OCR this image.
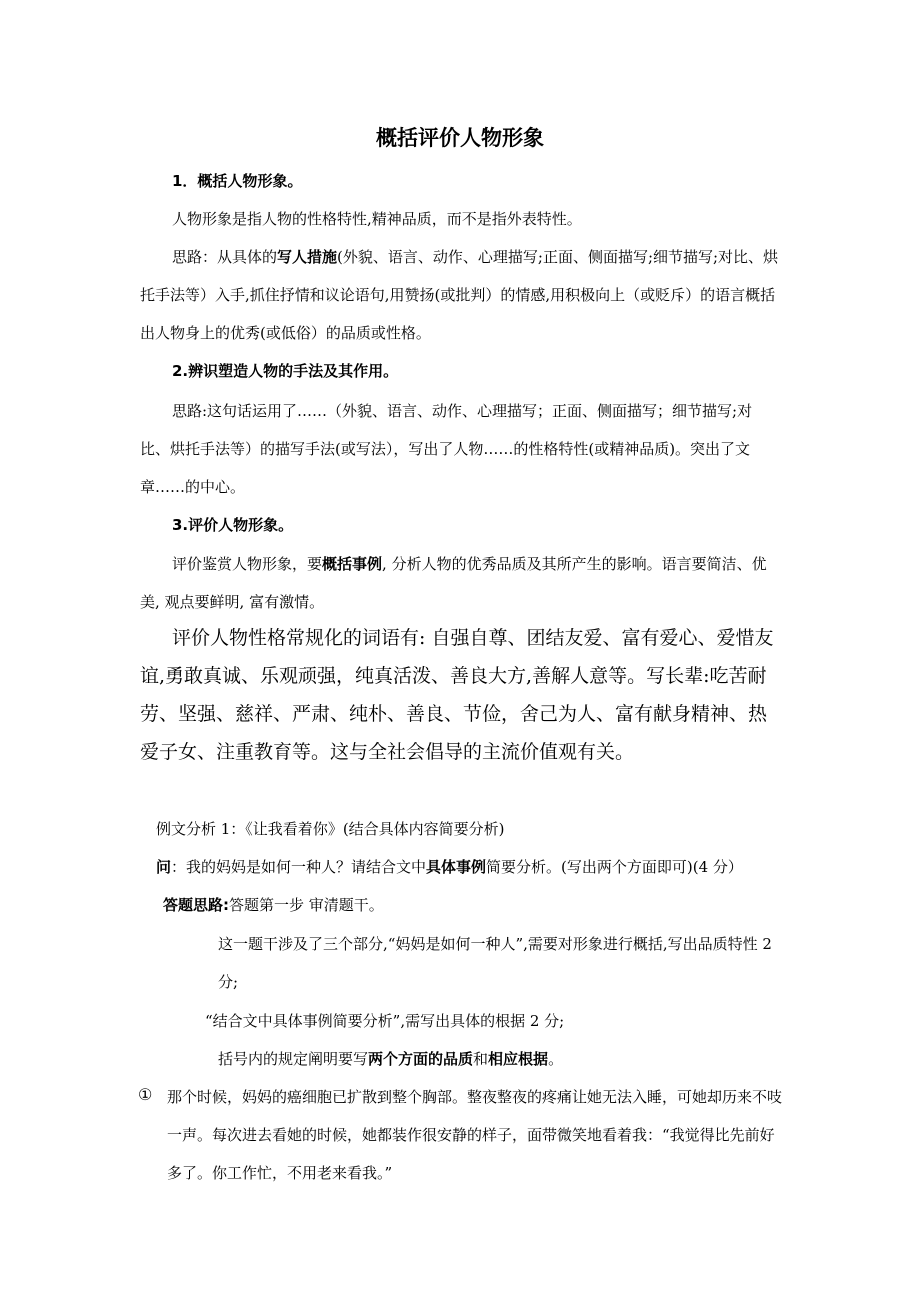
概括评价人物形象
1．概括人物形象。
人物形象是指人物的性格特性,精神品质，而不是指外表特性。
思路：从具体的写人措施(外貌、语言、动作、心理描写;正面、侧面描写;细节描写;对比、烘托手法等）入手,抓住抒情和议论语句,用赞扬(或批判）的情感,用积极向上（或贬斥）的语言概括出人物身上的优秀(或低俗）的品质或性格。
2.辨识塑造人物的手法及其作用。
思路:这句话运用了……（外貌、语言、动作、心理描写；正面、侧面描写；细节描写;对比、烘托手法等）的描写手法(或写法），写出了人物……的性格特性(或精神品质)。突出了文章……的中心。
3.评价人物形象。
评价鉴赏人物形象，要概括事例, 分析人物的优秀品质及其所产生的影响。语言要简洁、优美, 观点要鲜明, 富有激情。
评价人物性格常规化的词语有: 自强自尊、团结友爱、富有爱心、爱惜友谊,勇敢真诚、乐观顽强，纯真活泼、善良大方,善解人意等。写长辈:吃苦耐劳、坚强、慈祥、严肃、纯朴、善良、节俭，舍己为人、富有献身精神、热爱子女、注重教育等。这与全社会倡导的主流价值观有关。
例文分析 1：《让我看着你》(结合具体内容简要分析)
问：我的妈妈是如何一种人？请结合文中具体事例简要分析。(写出两个方面即可)(4 分）
答题思路:答题第一步 审清题干。
这一题干涉及了三个部分,“妈妈是如何一种人”,需要对形象进行概括,写出品质特性 2 分;
“结合文中具体事例简要分析”,需写出具体的根据 2 分;
括号内的规定阐明要写两个方面的品质和相应根据。
① 那个时候，妈妈的癌细胞已扩散到整个胸部。整夜整夜的疼痛让她无法入睡，可她却历来不吱一声。每次进去看她的时候，她都装作很安静的样子，面带微笑地看着我：“我觉得比先前好多了。你工作忙，不用老来看我。”
